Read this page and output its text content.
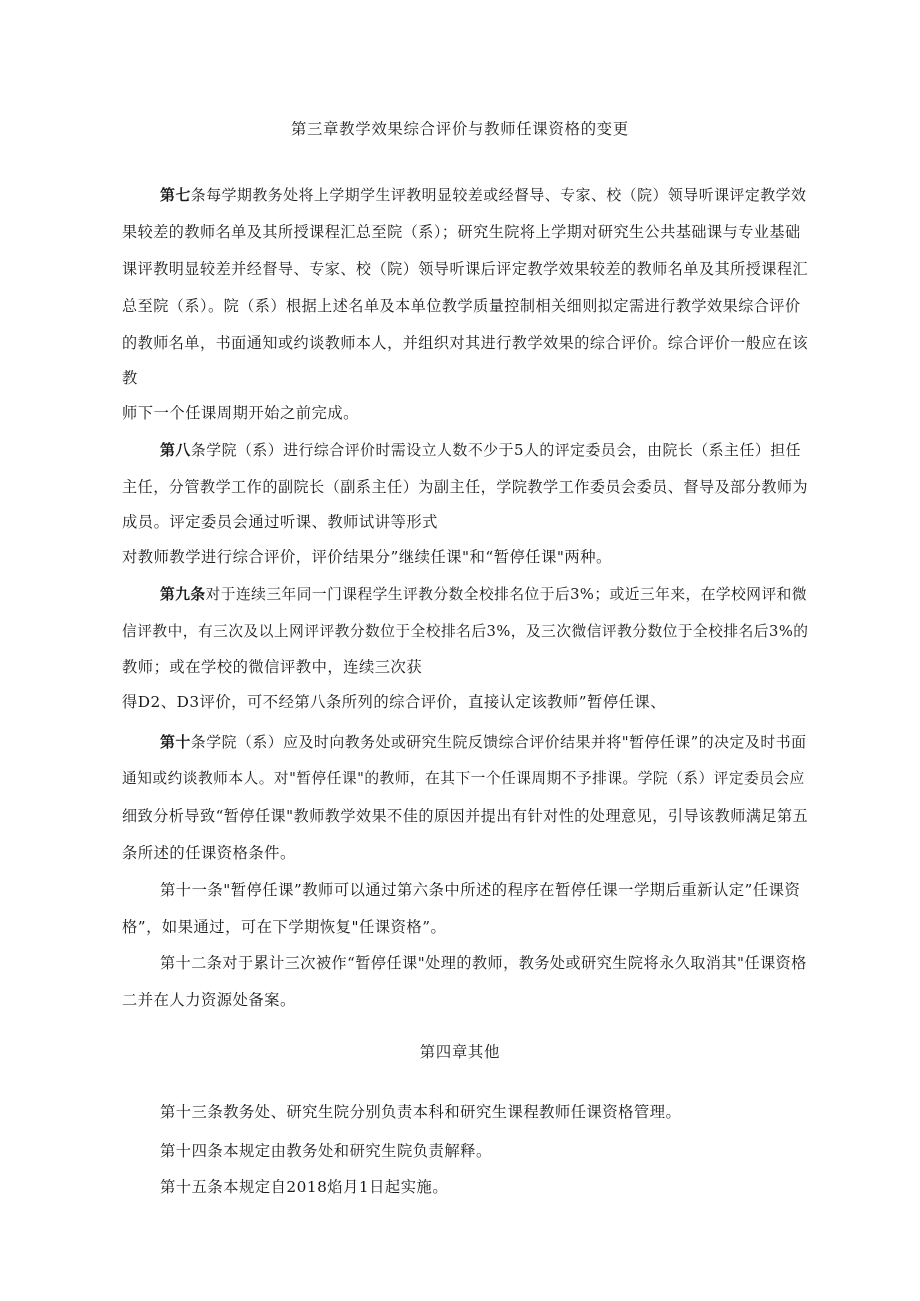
第三章教学效果综合评价与教师任课资格的变更

第七条每学期教务处将上学期学生评教明显较差或经督导、专家、校（院）领导听课评定教学效

果较差的教师名单及其所授课程汇总至院（系）；研究生院将上学期对研究生公共基础课与专业基础

课评教明显较差并经督导、专家、校（院）领导听课后评定教学效果较差的教师名单及其所授课程汇

总至院（系）。院（系）根据上述名单及本单位教学质量控制相关细则拟定需进行教学效果综合评价

的教师名单，书面通知或约谈教师本人，并组织对其进行教学效果的综合评价。综合评价一般应在该

教

师下一个任课周期开始之前完成。

第八条学院（系）进行综合评价时需设立人数不少于5人的评定委员会，由院长（系主任）担任

主任，分管教学工作的副院长（副系主任）为副主任，学院教学工作委员会委员、督导及部分教师为

成员。评定委员会通过听课、教师试讲等形式

对教师教学进行综合评价，评价结果分”继续任课"和“暂停任课"两种。

第九条对于连续三年同一门课程学生评教分数全校排名位于后3%；或近三年来，在学校网评和微

信评教中，有三次及以上网评评教分数位于全校排名后3%，及三次微信评教分数位于全校排名后3%的

教师；或在学校的微信评教中，连续三次获

得D2、D3评价，可不经第八条所列的综合评价，直接认定该教师”暂停任课、

第十条学院（系）应及时向教务处或研究生院反馈综合评价结果并将"暂停任课”的决定及时书面

通知或约谈教师本人。对"暂停任课"的教师，在其下一个任课周期不予排课。学院（系）评定委员会应

细致分析导致“暂停任课"教师教学效果不佳的原因并提出有针对性的处理意见，引导该教师满足第五

条所述的任课资格条件。

第十一条"暂停任课”教师可以通过第六条中所述的程序在暂停任课一学期后重新认定”任课资

格”，如果通过，可在下学期恢复"任课资格”。

第十二条对于累计三次被作“暂停任课"处理的教师，教务处或研究生院将永久取消其"任课资格

二并在人力资源处备案。

第四章其他

第十三条教务处、研究生院分别负责本科和研究生课程教师任课资格管理。

第十四条本规定由教务处和研究生院负责解释。

第十五条本规定自2018焰月1日起实施。
